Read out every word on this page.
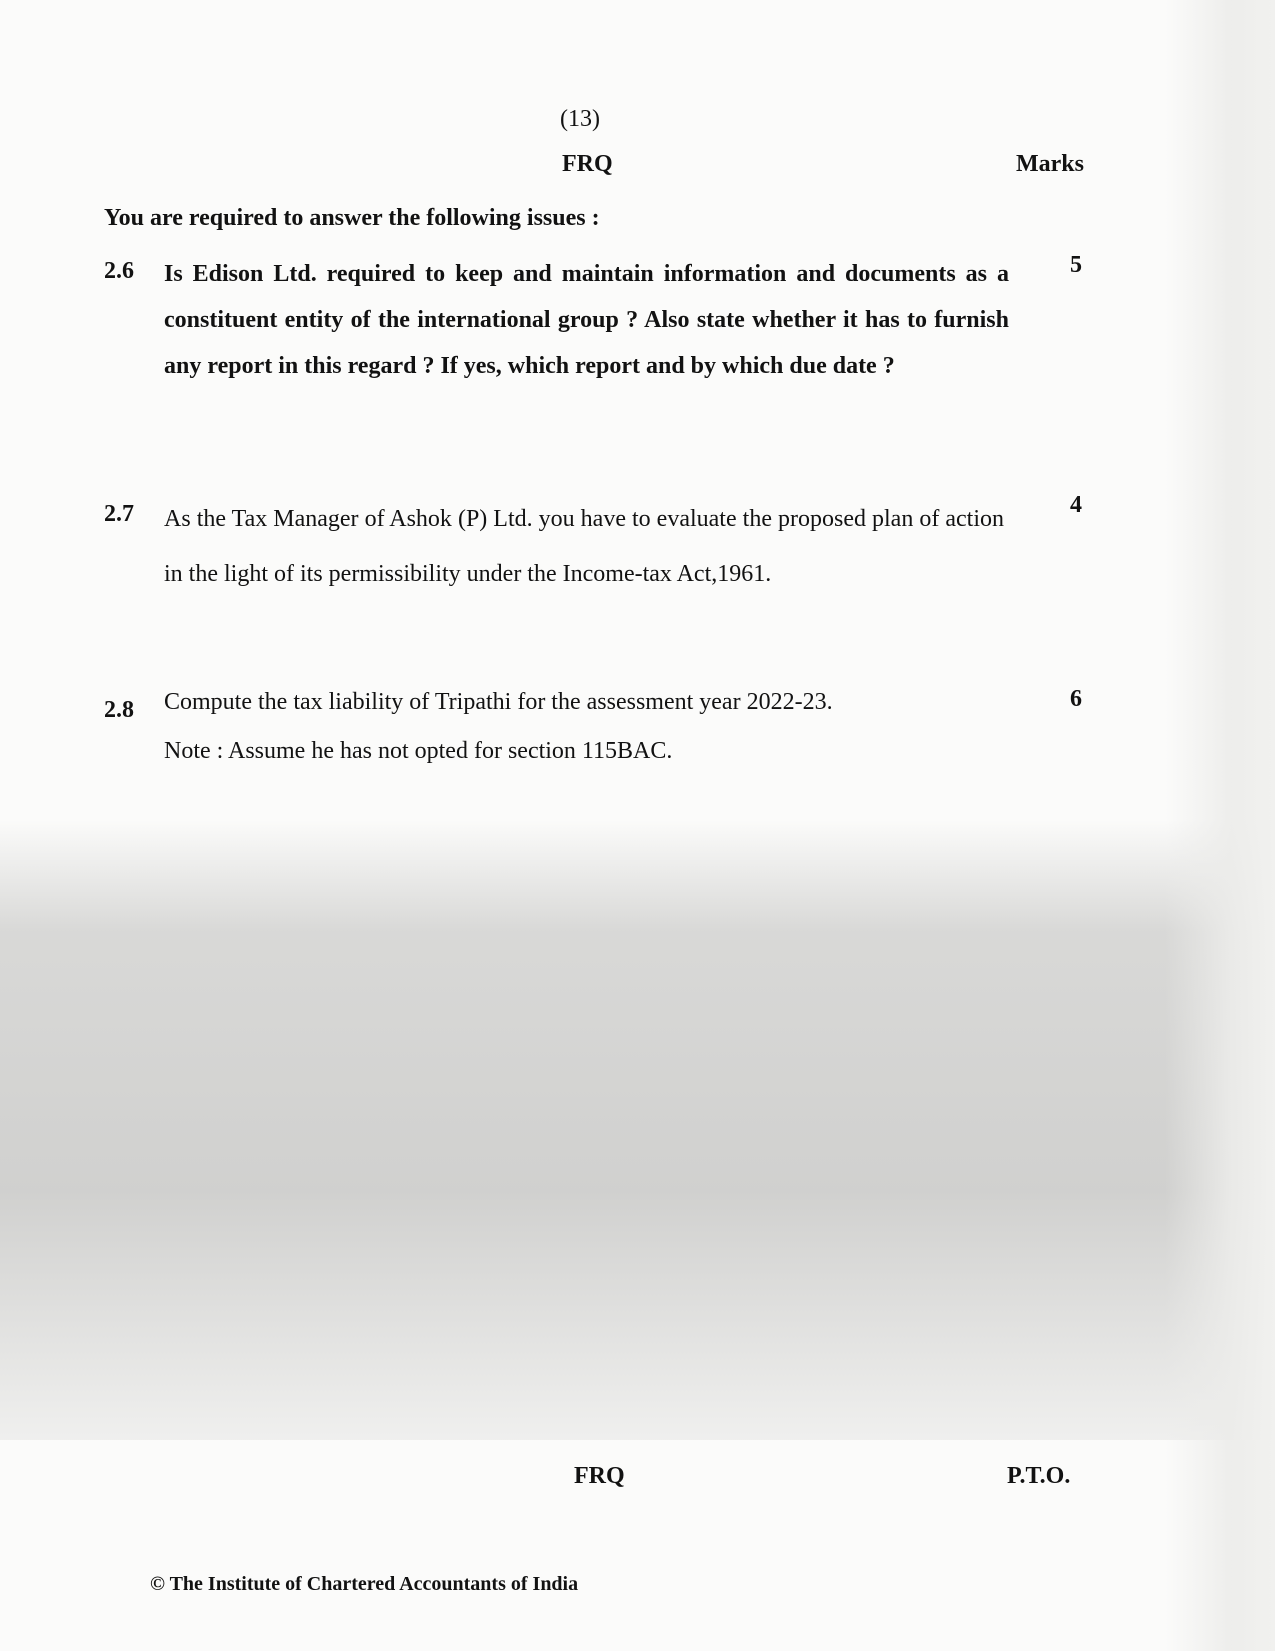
(13)
FRQ	Marks
You are required to answer the following issues :
2.6 Is Edison Ltd. required to keep and maintain information and documents as a constituent entity of the international group ? Also state whether it has to furnish any report in this regard ? If yes, which report and by which due date ?
5
2.7 As the Tax Manager of Ashok (P) Ltd. you have to evaluate the proposed plan of action in the light of its permissibility under the Income-tax Act,1961.
4
2.8 Compute the tax liability of Tripathi for the assessment year 2022-23.
Note : Assume he has not opted for section 115BAC.
6
FRQ	P.T.O.
© The Institute of Chartered Accountants of India
